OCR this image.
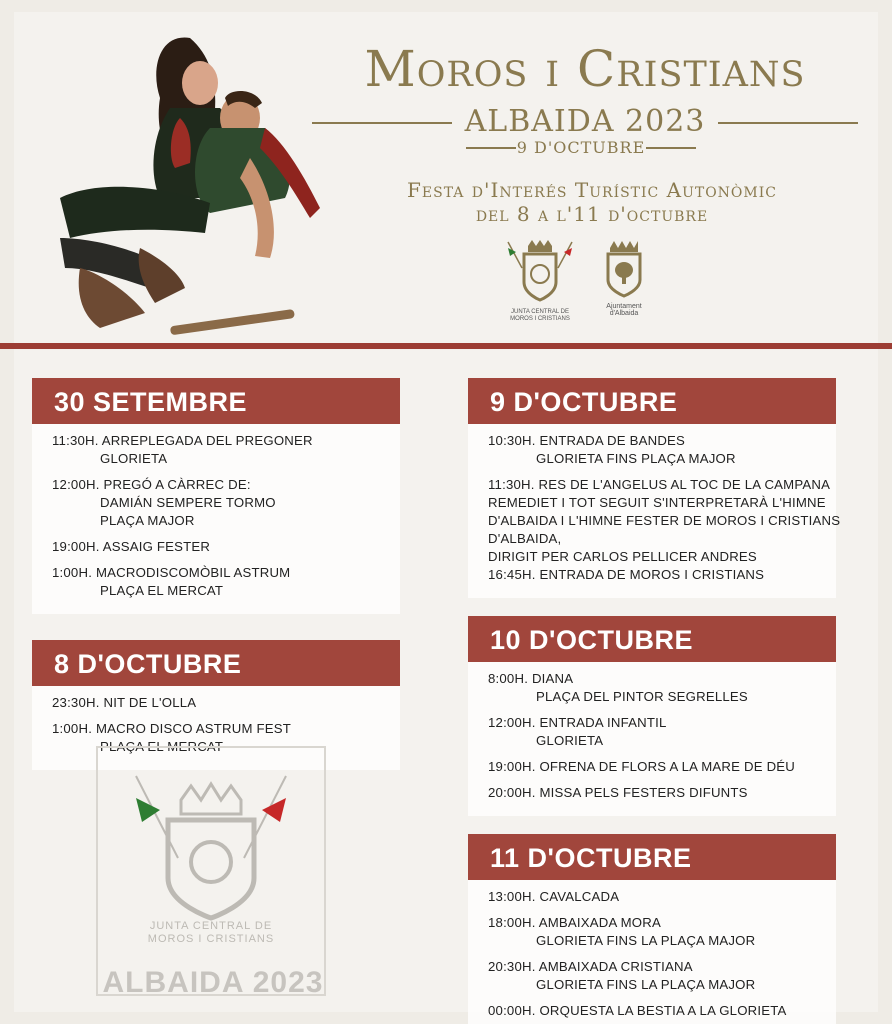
Moros i Cristians
ALBAIDA 2023
9 D'OCTUBRE
Festa d'Interés Turístic Autonòmic
del 8 a l'11 d'octubre
JUNTA CENTRAL DE
MOROS I CRISTIANS
Ajuntament
d'Albaida
30 SETEMBRE
11:30H. ARREPLEGADA DEL PREGONER
GLORIETA
12:00H. PREGÓ A CÀRREC DE:
DAMIÁN SEMPERE TORMO
PLAÇA MAJOR
19:00H. ASSAIG FESTER
1:00H. MACRODISCOMÒBIL ASTRUM
PLAÇA EL MERCAT
8 D'OCTUBRE
23:30H. NIT DE L'OLLA
1:00H. MACRO DISCO ASTRUM FEST
PLAÇA EL MERCAT
9 D'OCTUBRE
10:30H. ENTRADA DE BANDES
GLORIETA FINS PLAÇA MAJOR
11:30H. RES DE L'ANGELUS AL TOC DE LA CAMPANA
REMEDIET I TOT SEGUIT S'INTERPRETARÀ L'HIMNE
D'ALBAIDA I L'HIMNE FESTER DE MOROS I CRISTIANS
D'ALBAIDA,
DIRIGIT PER CARLOS PELLICER ANDRES
16:45H. ENTRADA DE MOROS I CRISTIANS
10 D'OCTUBRE
8:00H. DIANA
PLAÇA DEL PINTOR SEGRELLES
12:00H. ENTRADA INFANTIL
GLORIETA
19:00H. OFRENA DE FLORS A LA MARE DE DÉU
20:00H. MISSA PELS FESTERS DIFUNTS
11 D'OCTUBRE
13:00H. CAVALCADA
18:00H. AMBAIXADA MORA
GLORIETA FINS LA PLAÇA MAJOR
20:30H. AMBAIXADA CRISTIANA
GLORIETA FINS LA PLAÇA MAJOR
00:00H. ORQUESTA LA BESTIA A LA GLORIETA
JUNTA CENTRAL DE
MOROS I CRISTIANS
ALBAIDA 2023
